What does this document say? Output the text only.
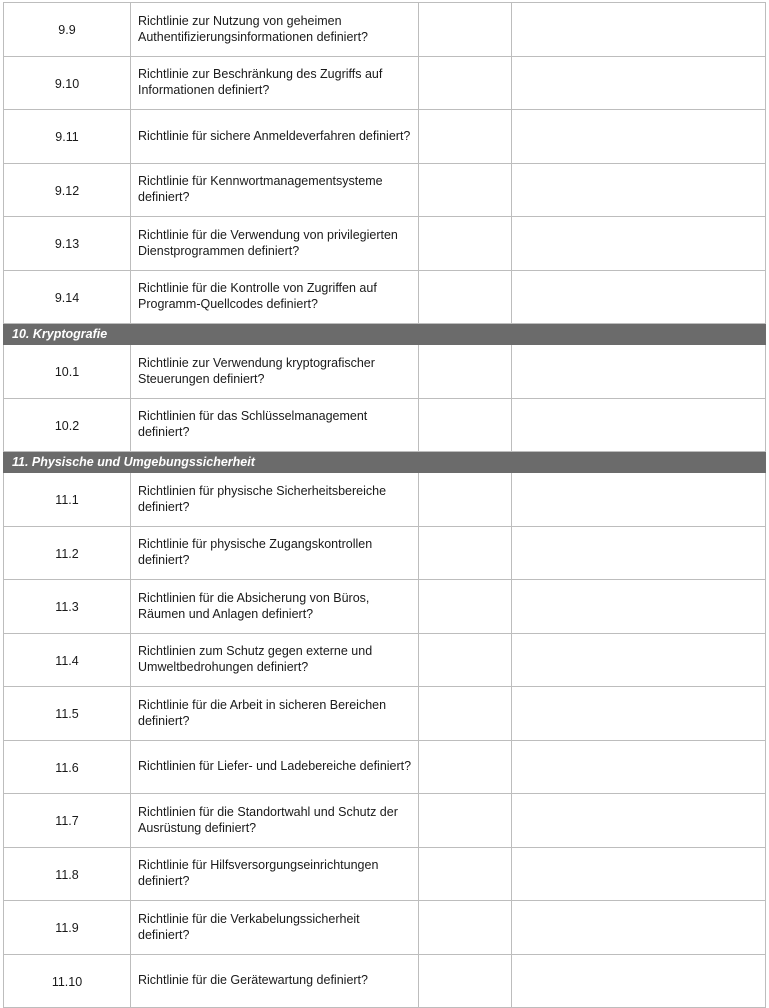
9.9	Richtlinie zur Nutzung von geheimen Authentifizierungsinformationen definiert?		
9.10	Richtlinie zur Beschränkung des Zugriffs auf Informationen definiert?		
9.11	Richtlinie für sichere Anmeldeverfahren definiert?		
9.12	Richtlinie für Kennwortmanagementsysteme definiert?		
9.13	Richtlinie für die Verwendung von privilegierten Dienstprogrammen definiert?		
9.14	Richtlinie für die Kontrolle von Zugriffen auf Programm-Quellcodes definiert?		
10. Kryptografie			
10.1	Richtlinie zur Verwendung kryptografischer Steuerungen definiert?		
10.2	Richtlinien für das Schlüsselmanagement definiert?		
11. Physische und Umgebungssicherheit			
11.1	Richtlinien für physische Sicherheitsbereiche definiert?		
11.2	Richtlinie für physische Zugangskontrollen definiert?		
11.3	Richtlinien für die Absicherung von Büros, Räumen und Anlagen definiert?		
11.4	Richtlinien zum Schutz gegen externe und Umweltbedrohungen definiert?		
11.5	Richtlinie für die Arbeit in sicheren Bereichen definiert?		
11.6	Richtlinien für Liefer- und Ladebereiche definiert?		
11.7	Richtlinien für die Standortwahl und Schutz der Ausrüstung definiert?		
11.8	Richtlinie für Hilfsversorgungseinrichtungen definiert?		
11.9	Richtlinie für die Verkabelungssicherheit definiert?		
11.10	Richtlinie für die Gerätewartung definiert?		
